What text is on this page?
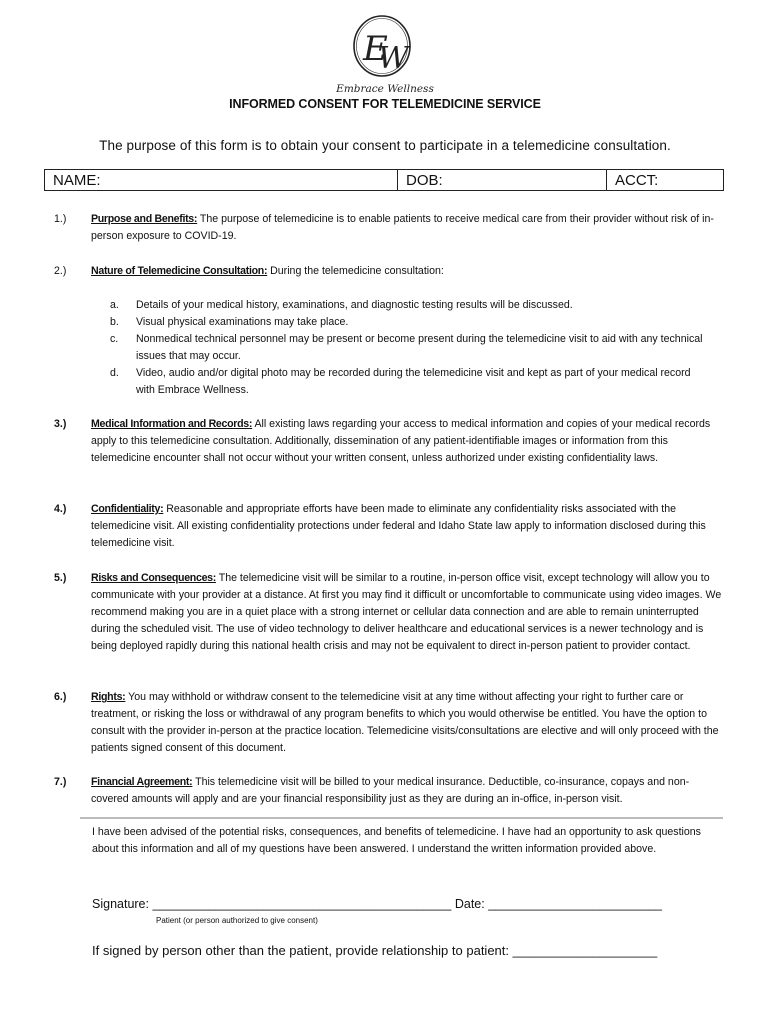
E
W
Embrace Wellness
INFORMED CONSENT FOR TELEMEDICINE SERVICE
The purpose of this form is to obtain your consent to participate in a telemedicine consultation.
NAME:	DOB:	ACCT:
1.) Purpose and Benefits: The purpose of telemedicine is to enable patients to receive medical care from their provider without risk of in-person exposure to COVID-19.
2.) Nature of Telemedicine Consultation: During the telemedicine consultation:
a. Details of your medical history, examinations, and diagnostic testing results will be discussed.
b. Visual physical examinations may take place.
c. Nonmedical technical personnel may be present or become present during the telemedicine visit to aid with any technical issues that may occur.
d. Video, audio and/or digital photo may be recorded during the telemedicine visit and kept as part of your medical record with Embrace Wellness.
3.) Medical Information and Records: All existing laws regarding your access to medical information and copies of your medical records apply to this telemedicine consultation. Additionally, dissemination of any patient-identifiable images or information from this telemedicine encounter shall not occur without your written consent, unless authorized under existing confidentiality laws.
4.) Confidentiality: Reasonable and appropriate efforts have been made to eliminate any confidentiality risks associated with the telemedicine visit. All existing confidentiality protections under federal and Idaho State law apply to information disclosed during this telemedicine visit.
5.) Risks and Consequences: The telemedicine visit will be similar to a routine, in-person office visit, except technology will allow you to communicate with your provider at a distance. At first you may find it difficult or uncomfortable to communicate using video images. We recommend making you are in a quiet place with a strong internet or cellular data connection and are able to remain uninterrupted during the scheduled visit. The use of video technology to deliver healthcare and educational services is a newer technology and is being deployed rapidly during this national health crisis and may not be equivalent to direct in-person patient to provider contact.
6.) Rights: You may withhold or withdraw consent to the telemedicine visit at any time without affecting your right to further care or treatment, or risking the loss or withdrawal of any program benefits to which you would otherwise be entitled. You have the option to consult with the provider in-person at the practice location. Telemedicine visits/consultations are elective and will only proceed with the patients signed consent of this document.
7.) Financial Agreement: This telemedicine visit will be billed to your medical insurance. Deductible, co-insurance, copays and non-covered amounts will apply and are your financial responsibility just as they are during an in-office, in-person visit.
I have been advised of the potential risks, consequences, and benefits of telemedicine. I have had an opportunity to ask questions about this information and all of my questions have been answered. I understand the written information provided above.
Signature: ___________________________________________ Date: _________________________
Patient (or person authorized to give consent)
If signed by person other than the patient, provide relationship to patient: ____________________
